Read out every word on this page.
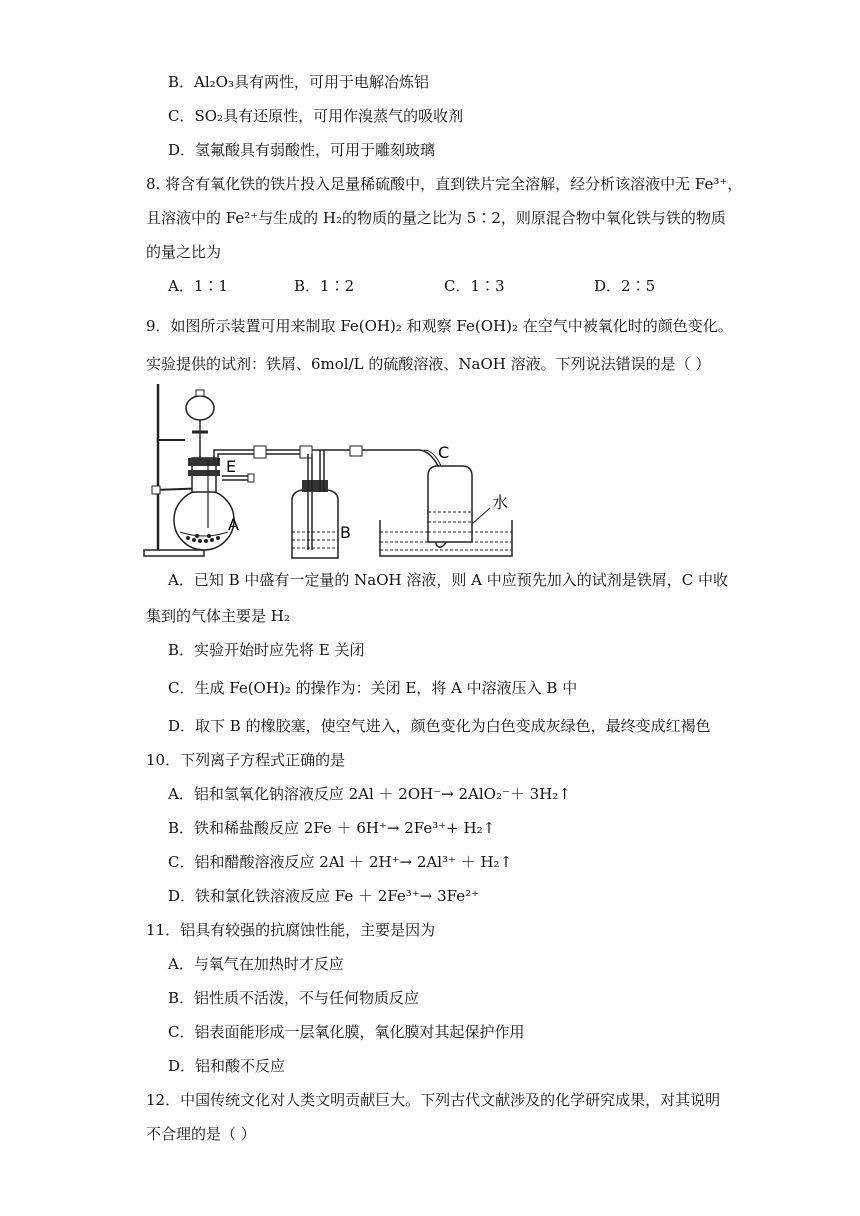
B．Al₂O₃具有两性，可用于电解冶炼铝
C．SO₂具有还原性，可用作溴蒸气的吸收剂
D．氢氟酸具有弱酸性，可用于雕刻玻璃
8. 将含有氧化铁的铁片投入足量稀硫酸中，直到铁片完全溶解，经分析该溶液中无 Fe³⁺，
且溶液中的 Fe²⁺与生成的 H₂的物质的量之比为 5∶2，则原混合物中氧化铁与铁的物质
的量之比为
A．1∶1	B．1∶2	C．1∶3	D．2∶5
9．如图所示装置可用来制取 Fe(OH)₂ 和观察 Fe(OH)₂ 在空气中被氧化时的颜色变化。
实验提供的试剂：铁屑、6mol/L 的硫酸溶液、NaOH 溶液。下列说法错误的是（ ）
E
A	B
C
水
A．已知 B 中盛有一定量的 NaOH 溶液，则 A 中应预先加入的试剂是铁屑，C 中收
集到的气体主要是 H₂
B．实验开始时应先将 E 关闭
C．生成 Fe(OH)₂ 的操作为：关闭 E，将 A 中溶液压入 B 中
D．取下 B 的橡胶塞，使空气进入，颜色变化为白色变成灰绿色，最终变成红褐色
10．下列离子方程式正确的是
A．铝和氢氧化钠溶液反应 2Al ＋ 2OH⁻→ 2AlO₂⁻＋ 3H₂↑
B．铁和稀盐酸反应 2Fe ＋ 6H⁺→ 2Fe³⁺+ H₂↑
C．铝和醋酸溶液反应 2Al ＋ 2H⁺→ 2Al³⁺ ＋ H₂↑
D．铁和氯化铁溶液反应 Fe ＋ 2Fe³⁺→ 3Fe²⁺
11．铝具有较强的抗腐蚀性能，主要是因为
A．与氧气在加热时才反应
B．铝性质不活泼，不与任何物质反应
C．铝表面能形成一层氧化膜，氧化膜对其起保护作用
D．铝和酸不反应
12．中国传统文化对人类文明贡献巨大。下列古代文献涉及的化学研究成果，对其说明
不合理的是（ ）
